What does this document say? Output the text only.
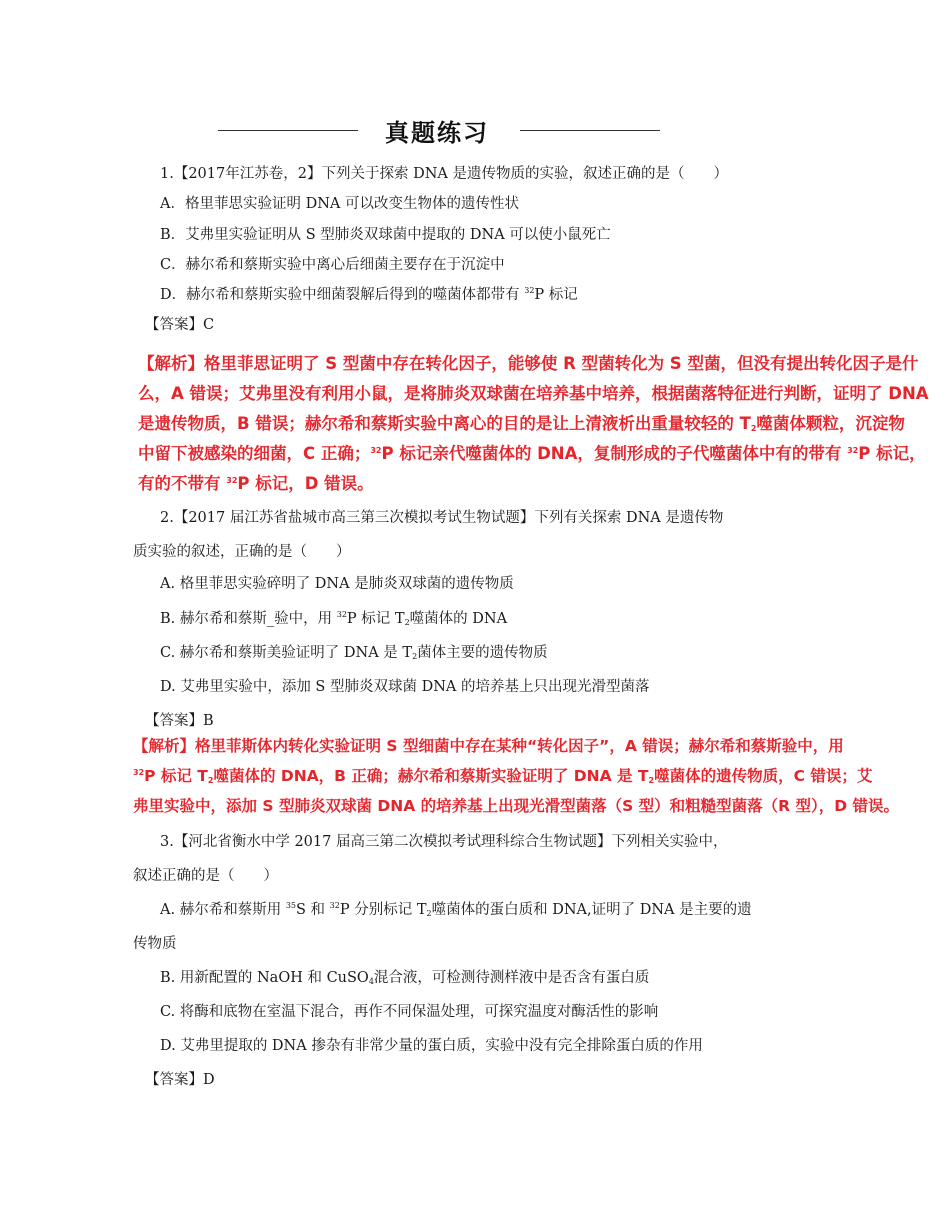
真题练习
1.【2017年江苏卷，2】下列关于探索 DNA 是遗传物质的实验，叙述正确的是（　　）
A．格里菲思实验证明 DNA 可以改变生物体的遗传性状
B．艾弗里实验证明从 S 型肺炎双球菌中提取的 DNA 可以使小鼠死亡
C．赫尔希和蔡斯实验中离心后细菌主要存在于沉淀中
D．赫尔希和蔡斯实验中细菌裂解后得到的噬菌体都带有 $^{32}$P 标记
【答案】C
【解析】格里菲思证明了 S 型菌中存在转化因子，能够使 R 型菌转化为 S 型菌，但没有提出转化因子是什
么，A 错误；艾弗里没有利用小鼠，是将肺炎双球菌在培养基中培养，根据菌落特征进行判断，证明了 DNA
是遗传物质，B 错误；赫尔希和蔡斯实验中离心的目的是让上清液析出重量较轻的 $T_2$噬菌体颗粒，沉淀物
中留下被感染的细菌，C 正确；$^{32}$P 标记亲代噬菌体的 DNA，复制形成的子代噬菌体中有的带有 $^{32}$P 标记，
有的不带有 $^{32}$P 标记，D 错误。
2.【2017 届江苏省盐城市高三第三次模拟考试生物试题】下列有关探索 DNA 是遗传物
质实验的叙述，正确的是（　　）
A. 格里菲思实验碎明了 DNA 是肺炎双球菌的遗传物质
B. 赫尔希和蔡斯_验中，用 $^{32}$P 标记 $T_2$噬菌体的 DNA
C. 赫尔希和蔡斯美验证明了 DNA 是 $T_2$菌体主要的遗传物质
D. 艾弗里实验中，添加 S 型肺炎双球菌 DNA 的培养基上只出现光滑型菌落
【答案】B
【解析】格里菲斯体内转化实验证明 S 型细菌中存在某种“转化因子”，A 错误；赫尔希和蔡斯验中，用
$^{32}$P 标记 $T_2$噬菌体的 DNA，B 正确；赫尔希和蔡斯实验证明了 DNA 是 $T_2$噬菌体的遗传物质，C 错误；艾
弗里实验中，添加 S 型肺炎双球菌 DNA 的培养基上出现光滑型菌落（S 型）和粗糙型菌落（R 型），D 错误。
3.【河北省衡水中学 2017 届高三第二次模拟考试理科综合生物试题】下列相关实验中，
叙述正确的是（　　）
A. 赫尔希和蔡斯用 $^{35}$S 和 $^{32}$P 分别标记 $T_2$噬菌体的蛋白质和 DNA,证明了 DNA 是主要的遗
传物质
B. 用新配置的 NaOH 和 CuSO$_4$混合液，可检测待测样液中是否含有蛋白质
C. 将酶和底物在室温下混合，再作不同保温处理，可探究温度对酶活性的影响
D. 艾弗里提取的 DNA 掺杂有非常少量的蛋白质，实验中没有完全排除蛋白质的作用
【答案】D
